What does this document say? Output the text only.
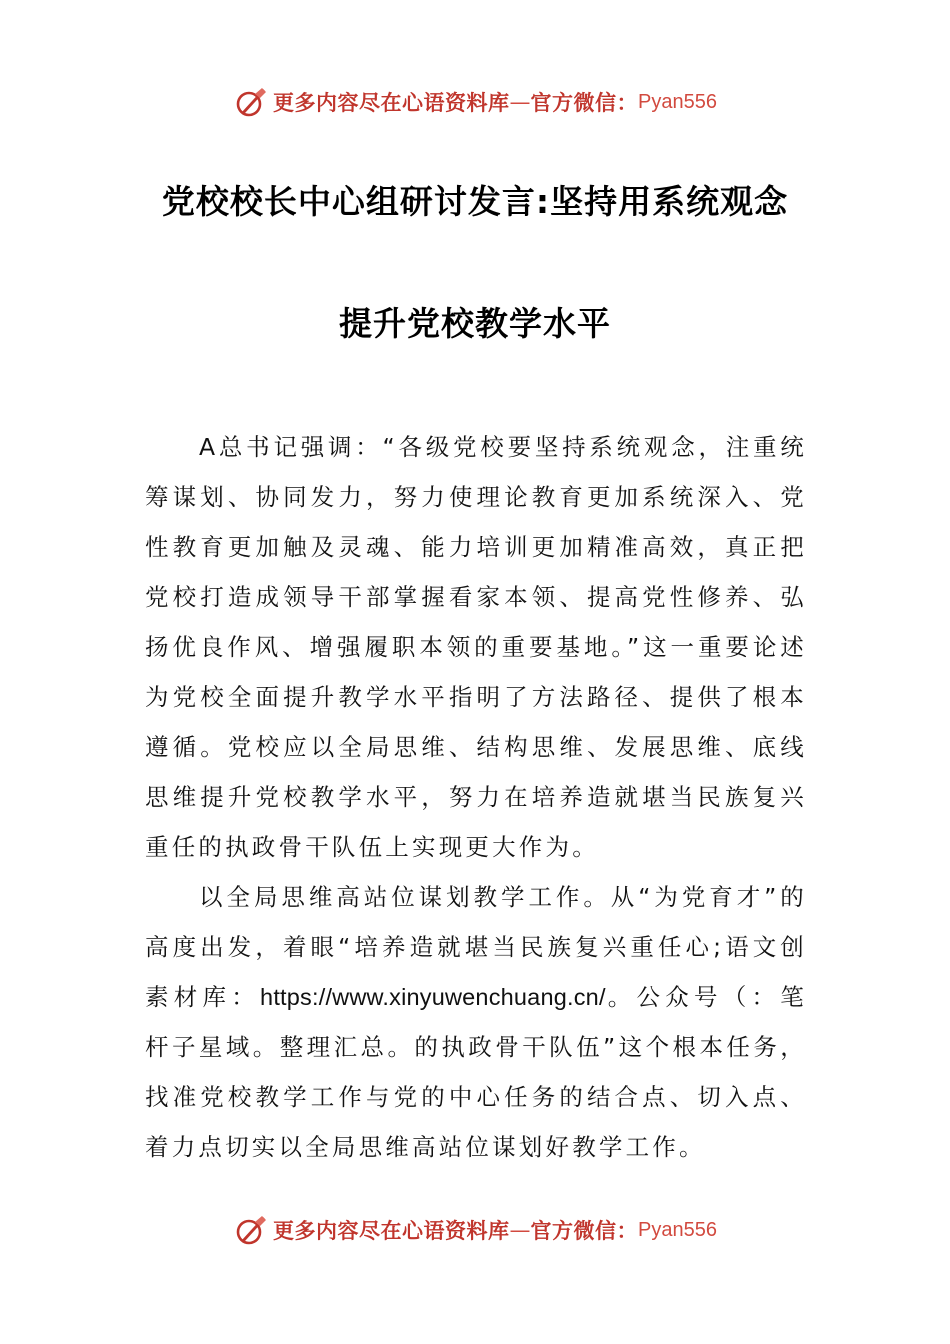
更多内容尽在心语资料库 — 官方微信： Pyan556
党校校长中心组研讨发言:坚持用系统观念
提升党校教学水平

A总书记强调：“各级党校要坚持系统观念，注重统筹谋划、协同发力，努力使理论教育更加系统深入、党性教育更加触及灵魂、能力培训更加精准高效，真正把党校打造成领导干部掌握看家本领、提高党性修养、弘扬优良作风、增强履职本领的重要基地。”这一重要论述为党校全面提升教学水平指明了方法路径、提供了根本遵循。党校应以全局思维、结构思维、发展思维、底线思维提升党校教学水平，努力在培养造就堪当民族复兴重任的执政骨干队伍上实现更大作为。

以全局思维高站位谋划教学工作。从“为党育才”的高度出发，着眼“培养造就堪当民族复兴重任心;语文创素材库：https://www.xinyuwenchuang.cn/。公众号（：笔杆子星域。整理汇总。的执政骨干队伍”这个根本任务，找准党校教学工作与党的中心任务的结合点、切入点、着力点切实以全局思维高站位谋划好教学工作。

更多内容尽在心语资料库 — 官方微信： Pyan556
